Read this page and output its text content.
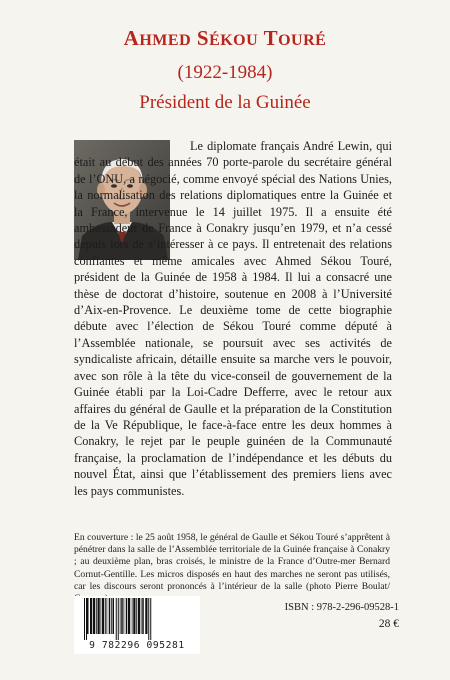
AHMED SÉKOU TOURÉ
(1922-1984)
Président de la Guinée

Le diplomate français André Lewin, qui était au début des années 70 porte-parole du secrétaire général de l’ONU, a négocié, comme envoyé spécial des Nations Unies, la normalisation des relations diplomatiques entre la Guinée et la France, intervenue le 14 juillet 1975. Il a ensuite été ambassadeur de France à Conakry jusqu’en 1979, et n’a cessé depuis lors de s’intéresser à ce pays. Il entretenait des relations confiantes et même amicales avec Ahmed Sékou Touré, président de la Guinée de 1958 à 1984. Il lui a consacré une thèse de doctorat d’histoire, soutenue en 2008 à l’Université d’Aix-en-Provence. Le deuxième tome de cette biographie débute avec l’élection de Sékou Touré comme député à l’Assemblée nationale, se poursuit avec ses activités de syndicaliste africain, détaille ensuite sa marche vers le pouvoir, avec son rôle à la tête du vice-conseil de gouvernement de la Guinée établi par la Loi-Cadre Defferre, avec le retour aux affaires du général de Gaulle et la préparation de la Constitution de la Ve République, le face-à-face entre les deux hommes à Conakry, le rejet par le peuple guinéen de la Communauté française, la proclamation de l’indépendance et les débuts du nouvel État, ainsi que l’établissement des premiers liens avec les pays communistes.

En couverture : le 25 août 1958, le général de Gaulle et Sékou Touré s’apprêtent à pénétrer dans la salle de l’Assemblée territoriale de la Guinée française à Conakry ; au deuxième plan, bras croisés, le ministre de la France d’Outre-mer Bernard Cornut-Gentille. Les micros disposés en haut des marches ne seront pas utilisés, car les discours seront prononcés à l’intérieur de la salle (photo Pierre Boulat/

9 782296 095281
ISBN : 978-2-296-09528-1
28 €
